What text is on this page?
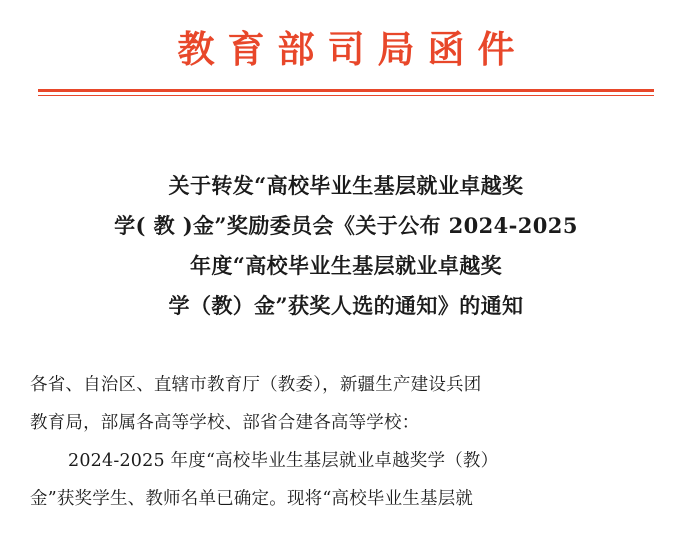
教育部司局函件
关于转发“高校毕业生基层就业卓越奖
学( 教 )金”奖励委员会《关于公布 2024-2025
年度“高校毕业生基层就业卓越奖
学（教）金”获奖人选的通知》的通知
各省、自治区、直辖市教育厅（教委），新疆生产建设兵团
教育局，部属各高等学校、部省合建各高等学校：
2024-2025 年度“高校毕业生基层就业卓越奖学（教）
金”获奖学生、教师名单已确定。现将“高校毕业生基层就
